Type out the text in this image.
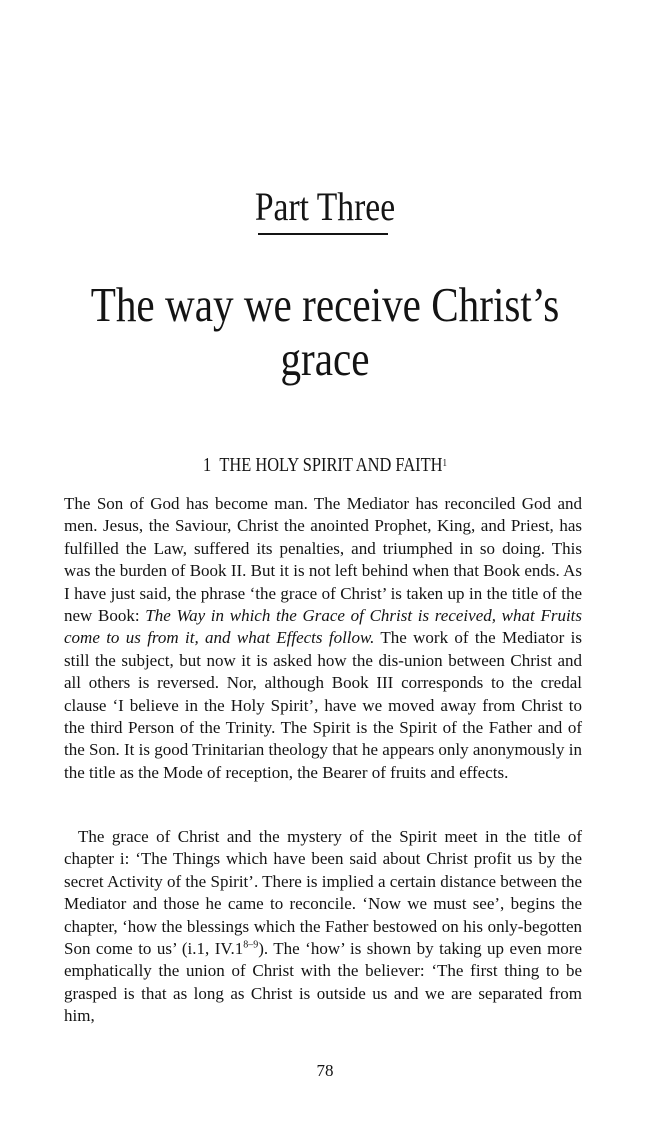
Part Three
The way we receive Christ’s grace
1 THE HOLY SPIRIT AND FAITH$^1$

The Son of God has become man. The Mediator has reconciled God and men. Jesus, the Saviour, Christ the anointed Prophet, King, and Priest, has fulfilled the Law, suffered its penalties, and triumphed in so doing. This was the burden of Book II. But it is not left behind when that Book ends. As I have just said, the phrase ‘the grace of Christ’ is taken up in the title of the new Book: The Way in which the Grace of Christ is received, what Fruits come to us from it, and what Effects follow. The work of the Mediator is still the subject, but now it is asked how the dis-union between Christ and all others is reversed. Nor, although Book III corresponds to the credal clause ‘I believe in the Holy Spirit’, have we moved away from Christ to the third Person of the Trinity. The Spirit is the Spirit of the Father and of the Son. It is good Trinitarian theology that he appears only anonymously in the title as the Mode of reception, the Bearer of fruits and effects.

The grace of Christ and the mystery of the Spirit meet in the title of chapter i: ‘The Things which have been said about Christ profit us by the secret Activity of the Spirit’. There is implied a certain distance between the Mediator and those he came to reconcile. ‘Now we must see’, begins the chapter, ‘how the blessings which the Father bestowed on his only-begotten Son come to us’ (i.1, IV.1$^{8-9}$). The ‘how’ is shown by taking up even more emphatically the union of Christ with the believer: ‘The first thing to be grasped is that as long as Christ is outside us and we are separated from him,

78
